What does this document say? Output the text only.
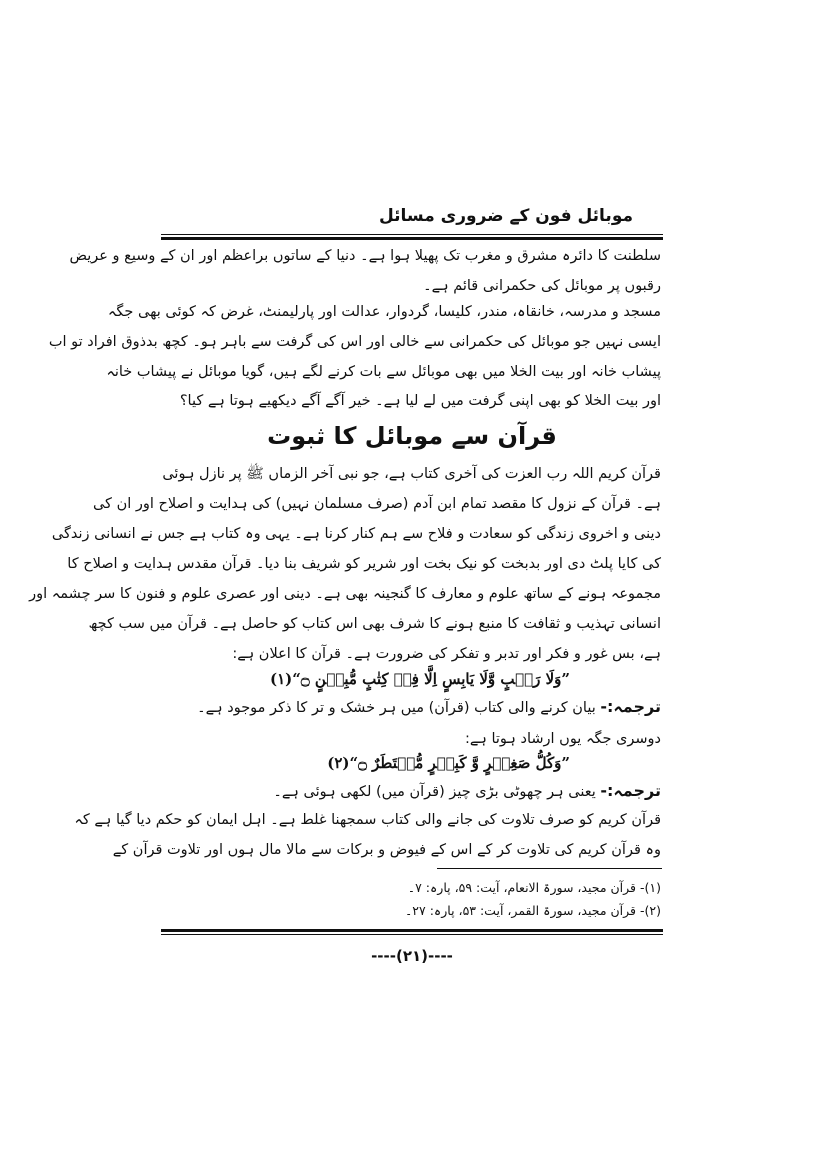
موبائل فون کے ضروری مسائل
سلطنت کا دائرہ مشرق و مغرب تک پھیلا ہوا ہے۔ دنیا کے ساتوں براعظم اور ان کے وسیع و عریض
رقبوں پر موبائل کی حکمرانی قائم ہے۔
مسجد و مدرسہ، خانقاہ، مندر، کلیسا، گردوار، عدالت اور پارلیمنٹ، غرض کہ کوئی بھی جگہ
ایسی نہیں جو موبائل کی حکمرانی سے خالی اور اس کی گرفت سے باہر ہو۔ کچھ بدذوق افراد تو اب
پیشاب خانہ اور بیت الخلا میں بھی موبائل سے بات کرنے لگے ہیں، گویا موبائل نے پیشاب خانہ
اور بیت الخلا کو بھی اپنی گرفت میں لے لیا ہے۔ خیر آگے آگے دیکھیے ہوتا ہے کیا؟
قرآن سے موبائل کا ثبوت
قرآن کریم اللہ رب العزت کی آخری کتاب ہے، جو نبی آخر الزماں ﷺ پر نازل ہوئی
ہے۔ قرآن کے نزول کا مقصد تمام ابن آدم (صرف مسلمان نہیں) کی ہدایت و اصلاح اور ان کی
دینی و اخروی زندگی کو سعادت و فلاح سے ہم کنار کرنا ہے۔ یہی وہ کتاب ہے جس نے انسانی زندگی
کی کایا پلٹ دی اور بدبخت کو نیک بخت اور شریر کو شریف بنا دیا۔ قرآن مقدس ہدایت و اصلاح کا
مجموعہ ہونے کے ساتھ علوم و معارف کا گنجینہ بھی ہے۔ دینی اور عصری علوم و فنون کا سر چشمہ اور
انسانی تہذیب و ثقافت کا منبع ہونے کا شرف بھی اس کتاب کو حاصل ہے۔ قرآن میں سب کچھ
ہے، بس غور و فکر اور تدبر و تفکر کی ضرورت ہے۔ قرآن کا اعلان ہے:
”وَلَا رَطۡبٍ وَّلَا يَابِسٍ اِلَّا فِىۡ كِتٰبٍ مُّبِيۡنٍ ۝“(۱)
ترجمہ:- بیان کرنے والی کتاب (قرآن) میں ہر خشک و تر کا ذکر موجود ہے۔
دوسری جگہ یوں ارشاد ہوتا ہے:
”وَكُلُّ صَغِيۡرٍ وَّ كَبِيۡرٍ مُّسۡتَطَرٌ ۝“(۲)
ترجمہ:- یعنی ہر چھوٹی بڑی چیز (قرآن میں) لکھی ہوئی ہے۔
قرآن کریم کو صرف تلاوت کی جانے والی کتاب سمجھنا غلط ہے۔ اہل ایمان کو حکم دیا گیا ہے کہ
وہ قرآن کریم کی تلاوت کر کے اس کے فیوض و برکات سے مالا مال ہوں اور تلاوت قرآن کے
(۱)- قرآن مجید، سورۃ الانعام، آیت: ۵۹، پارہ: ۷۔
(۲)- قرآن مجید، سورۃ القمر، آیت: ۵۳، پارہ: ۲۷۔
----(۲۱)----
